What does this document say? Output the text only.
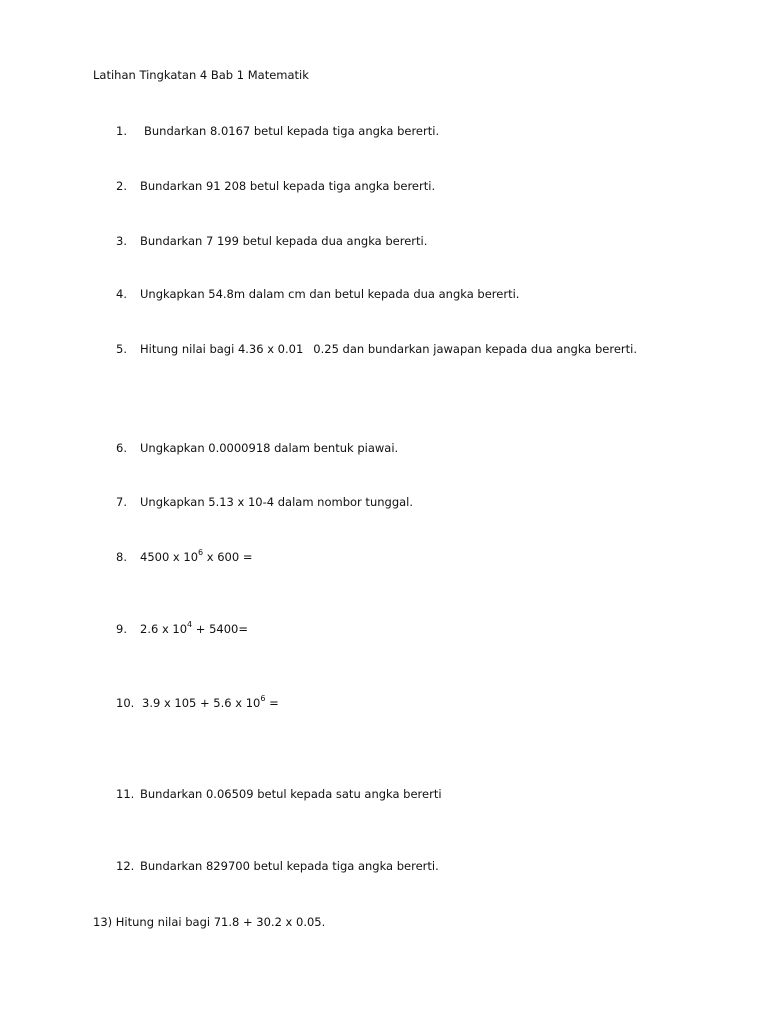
Latihan Tingkatan 4 Bab 1 Matematik
1. Bundarkan 8.0167 betul kepada tiga angka bererti.
2. Bundarkan 91 208 betul kepada tiga angka bererti.
3. Bundarkan 7 199 betul kepada dua angka bererti.
4. Ungkapkan 54.8m dalam cm dan betul kepada dua angka bererti.
5. Hitung nilai bagi 4.36 x 0.01 0.25 dan bundarkan jawapan kepada dua angka bererti.
6. Ungkapkan 0.0000918 dalam bentuk piawai.
7. Ungkapkan 5.13 x 10-4 dalam nombor tunggal.
8. 4500 x $10^6$ x 600 =
9. 2.6 x $10^4 + 5400=$
10. 3.9 x 105 + 5.6 x $10^6$ =
11. Bundarkan 0.06509 betul kepada satu angka bererti
12. Bundarkan 829700 betul kepada tiga angka bererti.
13) Hitung nilai bagi 71.8 + 30.2 x 0.05.
